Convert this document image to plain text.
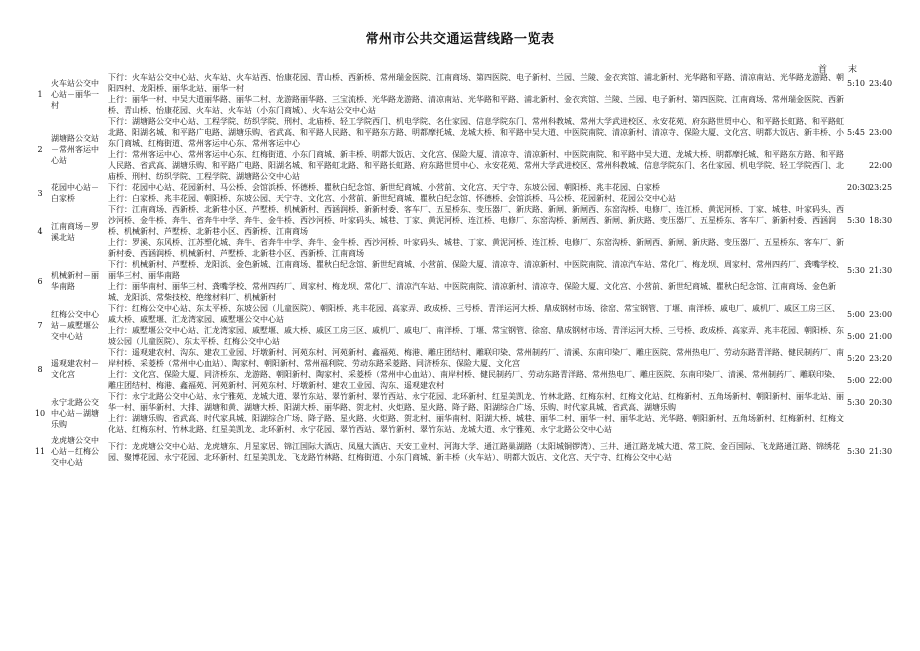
常州市公共交通运营线路一览表
首 末
1	火车站公交中心站－丽华一村	下行：火车站公交中心站、火车站、火车站西、怡康花园、青山桥、西新桥、常州瑞金医院、江南商场、第四医院、电子新村、兰园、兰陵、金衣宾馆、浦北新村、光华路和平路、清凉南站、光华路龙游路、朝阳四村、龙阳桥、丽华北站、丽华一村	5:10	23:40
		上行：丽华一村、中吴大道丽华路、丽华二村、龙游路丽华路、三宝流桥、光华路龙游路、清凉南站、光华路和平路、浦北新村、金衣宾馆、兰陵、兰园、电子新村、第四医院、江南商场、常州瑞金医院、西新桥、青山桥、怡康花园、火车站、火车站（小东门商城）、火车站公交中心站		
2	湖塘路公交站－常州客运中心站	下行：湖塘路公交中心站、工程学院、纺织学院、刑村、北庙桥、轻工学院西门、机电学院、名仕家园、信息学院东门、常州科教城、常州大学武进校区、永安花苑、府东路世贸中心、和平路长虹路、和平路虹北路、阳湖名城、和平路广电路、湖塘乐购、省武高、和平路人民路、和平路东方路、明都摩托城、龙城大桥、和平路中吴大道、中医院南院、清凉新村、清凉寺、保险大厦、文化宫、明都大饭店、新丰桥、小东门商城、红梅街道、常州客运中心东、常州客运中心	5:45	23:00
		上行：常州客运中心、常州客运中心东、红梅街道、小东门商城、新丰桥、明都大饭店、文化宫、保险大厦、清凉寺、清凉新村、中医院南院、和平路中吴大道、龙城大桥、明都摩托城、和平路东方路、和平路人民路、省武高、湖塘乐购、和平路广电路、阳湖名城、和平路虹北路、和平路长虹路、府东路世贸中心、永安花苑、常州大学武进校区、常州科教城、信息学院东门、名仕家园、机电学院、轻工学院西门、北庙桥、刑村、纺织学院、工程学院、湖塘路公交中心站		22:00
3	花园中心站－白家桥	下行：花园中心站、花园新村、马公桥、会馆浜桥、怀德桥、瞿秋白纪念馆、新世纪商城、小营前、文化宫、天宁寺、东坡公园、朝阳桥、兆丰花园、白家桥	20:30	23:25
		上行：白家桥、兆丰花园、朝阳桥、东坡公园、天宁寺、文化宫、小营前、新世纪商城、瞿秋白纪念馆、怀德桥、会馆浜桥、马公桥、花园新村、花园公交中心站		
4	江南商场－罗溪北站	下行：江南商场、西新桥、北新巷小区、芦墅桥、机械新村、西涵润桥、新新村委、客车厂、五星桥东、变压器厂、新庆路、新闸、新闸西、东窑沟桥、电修厂、连江桥、黄泥河桥、丁家、城巷、叶家码头、西沙河桥、金牛桥、奔牛、省奔牛中学、奔牛、金牛桥、西沙河桥、叶家码头、城巷、丁家、黄泥河桥、连江桥、电修厂、东窑沟桥、新闸西、新闸、新庆路、变压器厂、五星桥东、客车厂、新新村委、西涵润桥、机械新村、芦墅桥、北新巷小区、西新桥、江南商场	5:30	18:30
		上行：罗溪、东风桥、江苏塑化城、奔牛、省奔牛中学、奔牛、金牛桥、西沙河桥、叶家码头、城巷、丁家、黄泥河桥、连江桥、电修厂、东窑沟桥、新闸西、新闸、新庆路、变压器厂、五星桥东、客车厂、新新村委、西涵润桥、机械新村、芦墅桥、北新巷小区、西新桥、江南商场		
6	机械新村－丽华南路	下行：机械新村、芦墅桥、龙阳浜、金色新城、江南商场、瞿秋白纪念馆、新世纪商城、小营前、保险大厦、清凉寺、清凉新村、中医院南院、清凉汽车站、常化厂、梅龙坝、周家村、常州四药厂、龚嘴学校、丽华三村、丽华南路	5:30	21:30
		上行：丽华南村、丽华三村、龚嘴学校、常州四药厂、周家村、梅龙坝、常化厂、清凉汽车站、中医院南院、清凉新村、清凉寺、保险大厦、文化宫、小营前、新世纪商城、瞿秋白纪念馆、江南商场、金色新城、龙阳浜、常柴技校、绝缘材料厂、机械新村		
7	红梅公交中心站－戚墅堰公交中心站	下行：红梅公交中心站、东太平桥、东坡公园（儿童医院）、朝阳桥、兆丰花园、高家弄、政成桥、三号桥、青洋运河大桥、鼎成钢材市场、徐窑、常宝钢管、丁堰、南洋桥、戚电厂、戚机厂、戚区工房三区、戚大桥、戚墅堰、汇龙湾家园、戚墅堰公交中心站	5:00	23:00
		上行：戚墅堰公交中心站、汇龙湾家园、戚墅堰、戚大桥、戚区工房三区、戚机厂、戚电厂、南洋桥、丁堰、常宝钢管、徐窑、鼎成钢材市场、青洋运河大桥、三号桥、政成桥、高家弄、兆丰花园、朝阳桥、东坡公园（儿童医院）、东太平桥、红梅公交中心站	5:00	21:00
8	遥观建农村－文化宫	下行：遥观建农村、沟东、建农工业园、圩墩新村、河苑东村、河苑新村、鑫福苑、梅港、雕庄团结村、雕联印染、常州制药厂、清溪、东南印染厂、雕庄医院、常州热电厂、劳动东路青洋路、健民制药厂、南岸村桥、采菱桥（常州中心血站）、陶家村、朝阳新村、常州福利院、劳动东路采菱路、同济桥东、保险大厦、文化宫	5:20	23:20
		上行：文化宫、保险大厦、同济桥东、龙游路、朝阳新村、陶家村、采菱桥（常州中心血站）、南岸村桥、健民制药厂、劳动东路青洋路、常州热电厂、雕庄医院、东南印染厂、清溪、常州制药厂、雕联印染、雕庄团结村、梅港、鑫福苑、河苑新村、河苑东村、圩墩新村、建农工业园、沟东、遥观建农村	5:00	22:00
10	永宁北路公交中心站－湖塘乐购	下行：永宁北路公交中心站、永宁雅苑、龙城大道、翠竹东站、翠竹新村、翠竹西站、永宁花园、北环新村、红星美凯龙、竹林北路、红梅东村、红梅文化站、红梅新村、五角场新村、朝阳新村、丽华北站、丽华一村、丽华新村、大排、湖塘和黄、湖塘大桥、阳湖大桥、丽华路、贺北村、火炬路、星火路、降子路、阳湖综合广场、乐购、时代家具城、省武高、湖塘乐购	5:30	20:30
		上行：湖塘乐购、省武高、时代家具城、阳湖综合广场、降子路、星火路、火炬路、贺北村、丽华南村、阳湖大桥、城巷、丽华二村、丽华一村、丽华北站、光华路、朝阳新村、五角场新村、红梅新村、红梅文化站、红梅东村、竹林北路、红星美凯龙、北环新村、永宁花园、翠竹西站、翠竹新村、翠竹东站、龙城大道、永宁雅苑、永宁北路公交中心站		
11	龙虎塘公交中心站－红梅公交中心站	下行：龙虎塘公交中心站、龙虎塘东、月星家居、锦江国际大酒店、凤凰大酒店、天安工业村、河海大学、通江路巢湖路（太阳城铜锣湾）、三井、通江路龙城大道、常工院、金百国际、飞龙路通江路、锦绣花园、聚博花园、永宁花园、北环新村、红星美凯龙、飞龙路竹林路、红梅街道、小东门商城、新丰桥（火车站）、明都大饭店、文化宫、天宁寺、红梅公交中心站	5:30	21:30
